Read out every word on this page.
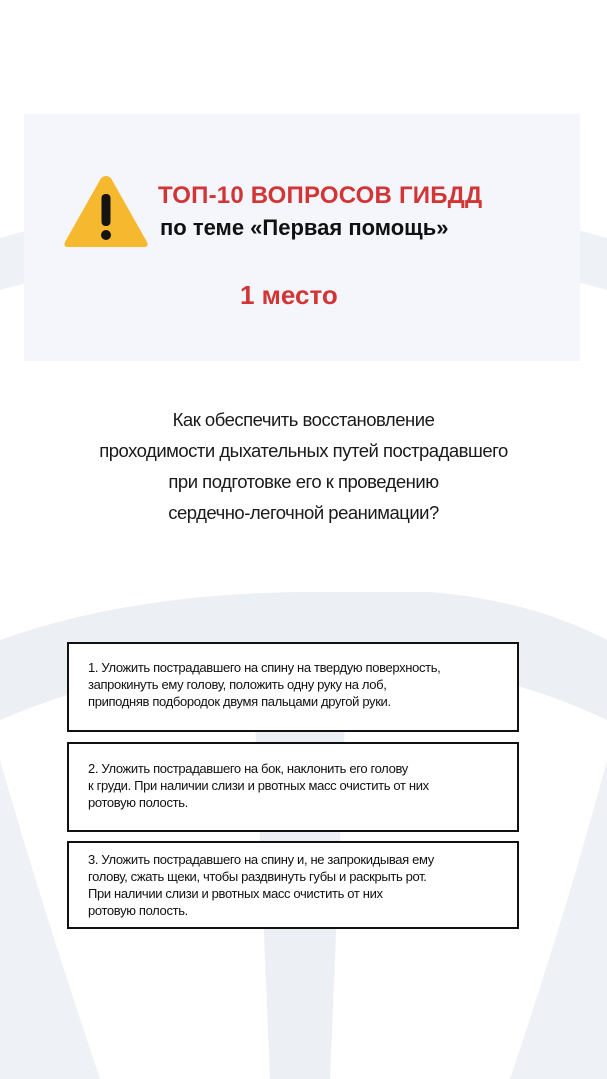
ТОП-10 ВОПРОСОВ ГИБДД
по теме «Первая помощь»
1 место
Как обеспечить восстановление
проходимости дыхательных путей пострадавшего
при подготовке его к проведению
сердечно-легочной реанимации?
1. Уложить пострадавшего на спину на твердую поверхность,
запрокинуть ему голову, положить одну руку на лоб,
приподняв подбородок двумя пальцами другой руки.
2. Уложить пострадавшего на бок, наклонить его голову
к груди. При наличии слизи и рвотных масс очистить от них
ротовую полость.
3. Уложить пострадавшего на спину и, не запрокидывая ему
голову, сжать щеки, чтобы раздвинуть губы и раскрыть рот.
При наличии слизи и рвотных масс очистить от них
ротовую полость.
